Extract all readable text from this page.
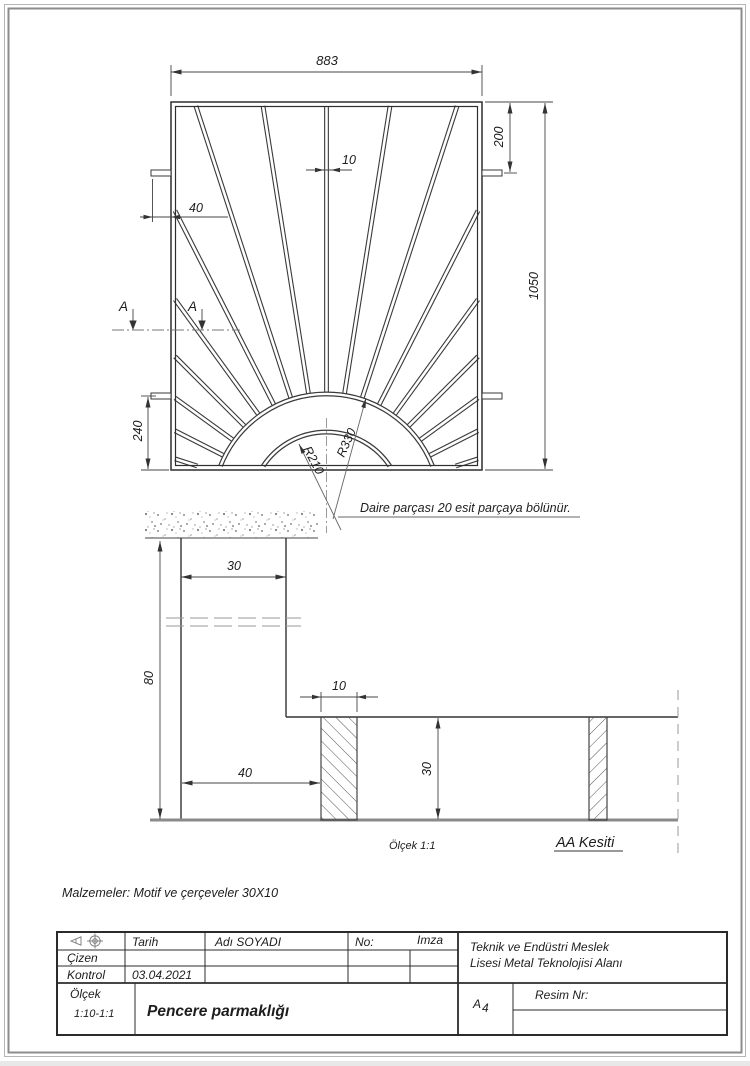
883
200
1050
10
40
240
A	A
R330
R210
Daire parçası 20 esit parçaya bölünür.
30
80
10
40	30
Ölçek 1:1	AA Kesiti
Malzemeler: Motif ve çerçeveler 30X10
Tarih	Adı SOYADI	No:	Imza
Çizen
Kontrol 03.04.2021
Ölçek
1:10-1:1 Pencere parmaklığı
Teknik ve Endüstri Meslek
Lisesi Metal Teknolojisi Alanı
A 4
Resim Nr:
